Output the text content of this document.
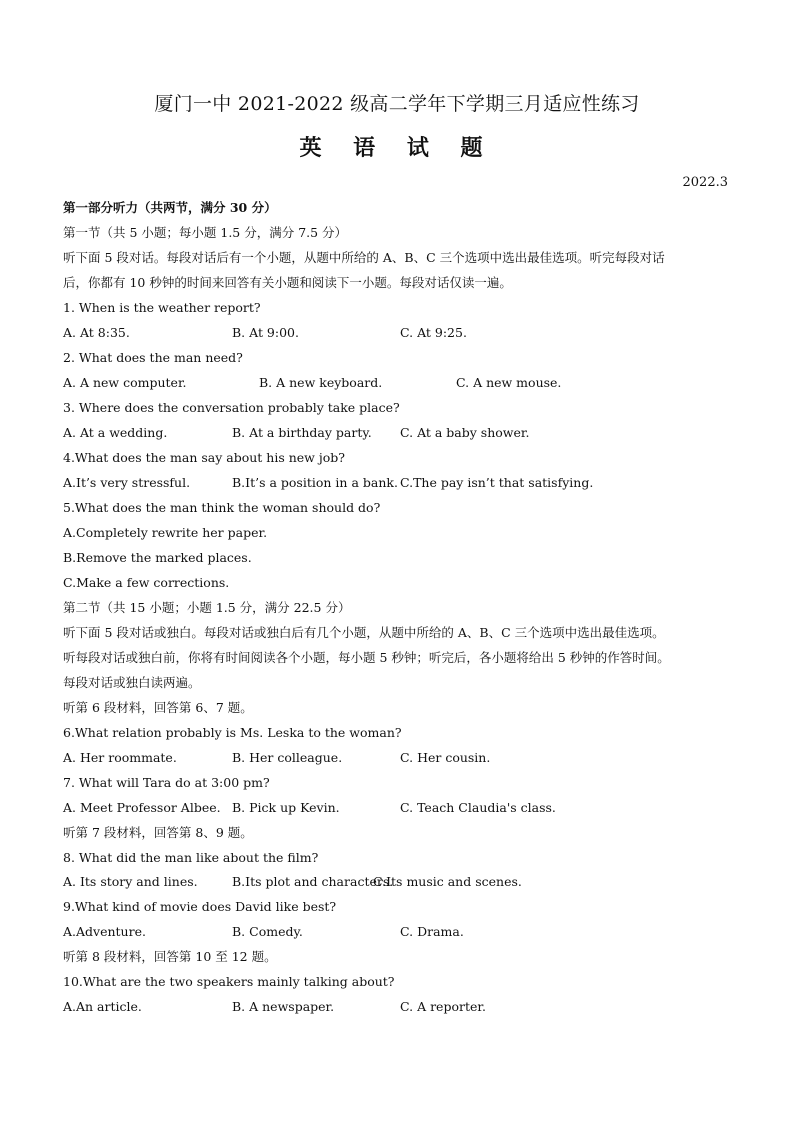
厦门一中 2021-2022 级高二学年下学期三月适应性练习
英 语 试 题
2022.3
第一部分听力（共两节，满分 30 分）
第一节（共 5 小题；每小题 1.5 分，满分 7.5 分）
听下面 5 段对话。每段对话后有一个小题，从题中所给的 A、B、C 三个选项中选出最佳选项。听完每段对话
后，你都有 10 秒钟的时间来回答有关小题和阅读下一小题。每段对话仅读一遍。
1. When is the weather report?
A. At 8:35.	B. At 9:00.	C. At 9:25.
2. What does the man need?
A. A new computer.	B. A new keyboard.	C. A new mouse.
3. Where does the conversation probably take place?
A. At a wedding.	B. At a birthday party. C. At a baby shower.
4.What does the man say about his new job?
A.It’s very stressful.	B.It’s a position in a bank. C.The pay isn’t that satisfying.
5.What does the man think the woman should do?
A.Completely rewrite her paper.
B.Remove the marked places.
C.Make a few corrections.
第二节（共 15 小题；小题 1.5 分，满分 22.5 分）
听下面 5 段对话或独白。每段对话或独白后有几个小题，从题中所给的 A、B、C 三个选项中选出最佳选项。
听每段对话或独白前，你将有时间阅读各个小题，每小题 5 秒钟；听完后，各小题将给出 5 秒钟的作答时间。
每段对话或独白读两遍。
听第 6 段材料，回答第 6、7 题。
6.What relation probably is Ms. Leska to the woman?
A. Her roommate.	B. Her colleague.	C. Her cousin.
7. What will Tara do at 3:00 pm?
A. Meet Professor Albee. B. Pick up Kevin.	C. Teach Claudia's class.
听第 7 段材料，回答第 8、9 题。
8. What did the man like about the film?
A. Its story and lines.	B.Its plot and characters.
C.Its music and scenes.
9.What kind of movie does David like best?
A.Adventure.	B. Comedy.	C. Drama.
听第 8 段材料，回答第 10 至 12 题。
10.What are the two speakers mainly talking about?
A.An article.	B. A newspaper.	C. A reporter.
